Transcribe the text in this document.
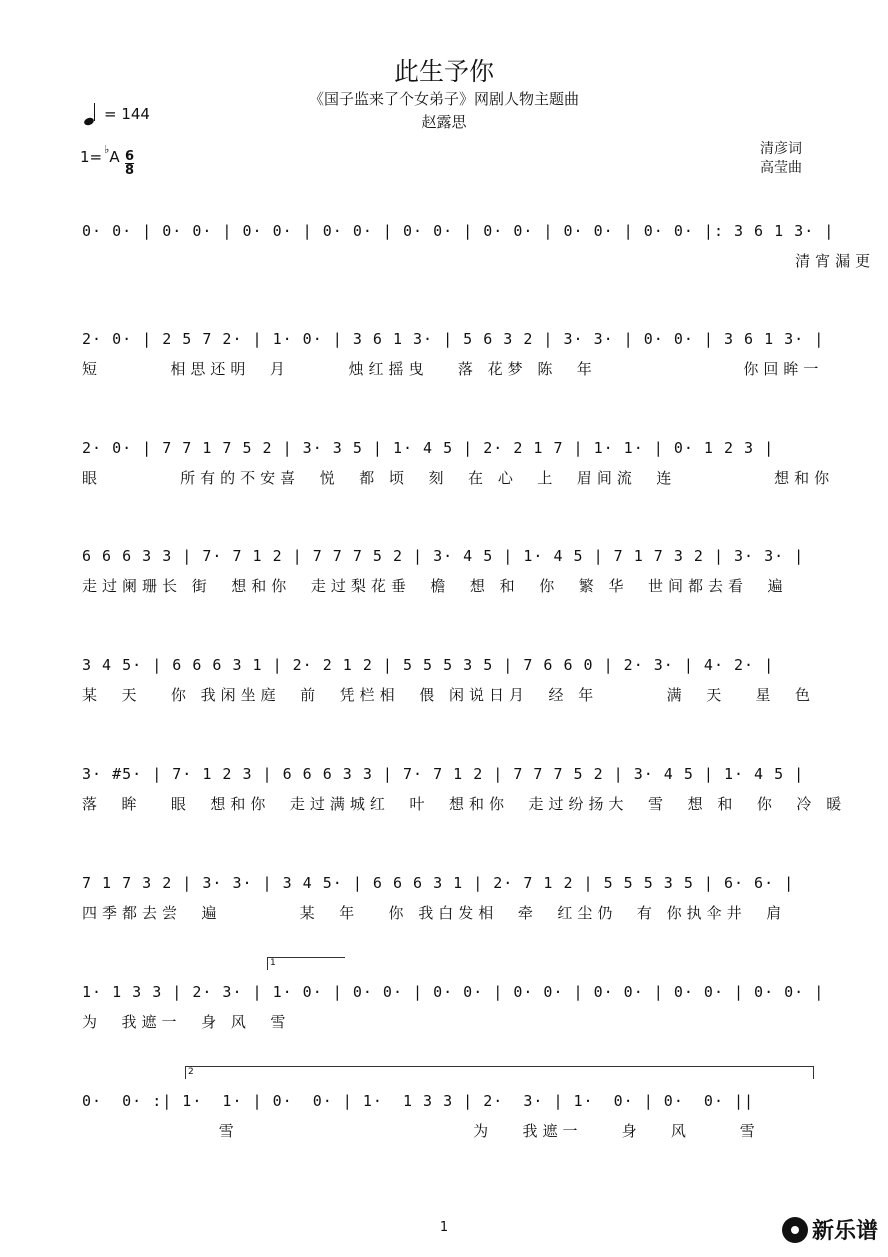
此生予你
《国子监来了个女弟子》网剧人物主题曲
赵露思
= 144
1= ♭A 6
8
清彦词
高莹曲
0· 0· | 0· 0· | 0· 0· | 0· 0· | 0· 0· | 0· 0· | 0· 0· | 0· 0· |: 3 6 1 3· |
清宵漏更
2· 0· | 2 5 7 2· | 1· 0· | 3 6 1 3· | 5 6 3 2 | 3· 3· | 0· 0· | 3 6 1 3· |
短       相思还明  月      烛红摇曳   落 花梦 陈  年               你回眸一
2· 0· | 7 7 1 7 5 2 | 3· 3 5 | 1· 4 5 | 2· 2 1 7 | 1· 1· | 0· 1 2 3 |
眼        所有的不安喜  悦  都 顷  刻  在 心  上  眉间流  连          想和你
6 6 6 3 3 | 7· 7 1 2 | 7 7 7 5 2 | 3· 4 5 | 1· 4 5 | 7 1 7 3 2 | 3· 3· |
走过阑珊长 街  想和你  走过梨花垂  檐  想 和  你  繁 华  世间都去看  遍
3 4 5· | 6 6 6 3 1 | 2· 2 1 2 | 5 5 5 3 5 | 7 6 6 0 | 2· 3· | 4· 2· |
某  天   你 我闲坐庭  前  凭栏相  偎 闲说日月  经 年       满  天   星  色
3· #5· | 7· 1 2 3 | 6 6 6 3 3 | 7· 7 1 2 | 7 7 7 5 2 | 3· 4 5 | 1· 4 5 |
落  眸   眼  想和你  走过满城红  叶  想和你  走过纷扬大  雪  想 和  你  冷 暖
7 1 7 3 2 | 3· 3· | 3 4 5· | 6 6 6 3 1 | 2· 7 1 2 | 5 5 5 3 5 | 6· 6· |
四季都去尝  遍        某  年   你 我白发相  牵  红尘仍  有 你执伞井  肩
1
1· 1 3 3 | 2· 3· | 1· 0· | 0· 0· | 0· 0· | 0· 0· | 0· 0· | 0· 0· | 0· 0· |
为  我遮一  身 风  雪
2
0·  0· :| 1·  1· | 0·  0· | 1·  1 3 3 | 2·  3· | 1·  0· | 0·  0· ||
雪                        为   我遮一    身   风     雪
1	新乐谱
